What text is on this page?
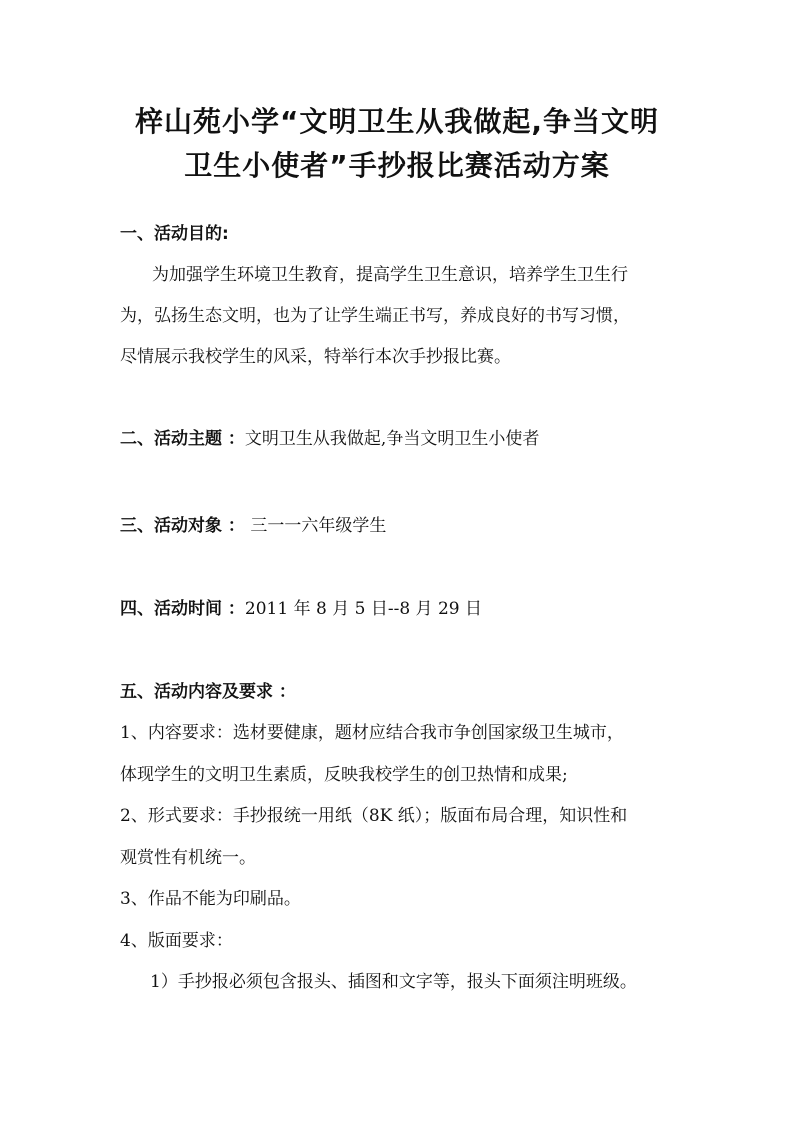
梓山苑小学“文明卫生从我做起,争当文明
卫生小使者”手抄报比赛活动方案
一、活动目的:
为加强学生环境卫生教育，提高学生卫生意识，培养学生卫生行
为，弘扬生态文明，也为了让学生端正书写，养成良好的书写习惯，
尽情展示我校学生的风采，特举行本次手抄报比赛。
二、活动主题 ：文明卫生从我做起,争当文明卫生小使者
三、活动对象 ： 三一一六年级学生
四、活动时间 ：2011 年 8 月 5 日--8 月 29 日
五、活动内容及要求 ：
1、内容要求：选材要健康，题材应结合我市争创国家级卫生城市，
体现学生的文明卫生素质，反映我校学生的创卫热情和成果;
2、形式要求：手抄报统一用纸（8K 纸）；版面布局合理，知识性和
观赏性有机统一。
3、作品不能为印刷品。
4、版面要求：
1）手抄报必须包含报头、插图和文字等，报头下面须注明班级。
